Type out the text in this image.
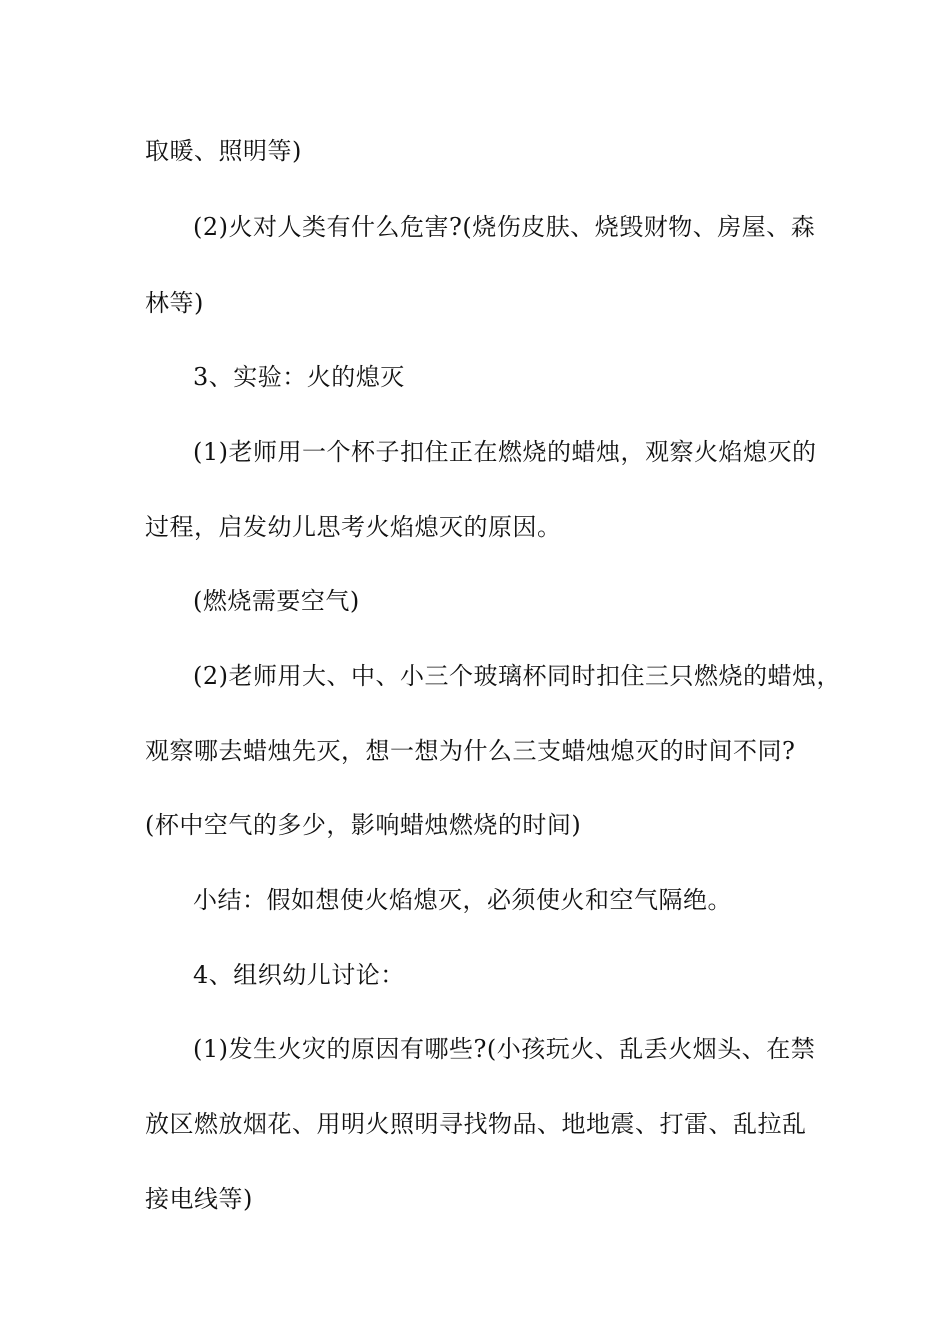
取暖、照明等)
(2)火对人类有什么危害?(烧伤皮肤、烧毁财物、房屋、森
林等)
3、实验：火的熄灭
(1)老师用一个杯子扣住正在燃烧的蜡烛，观察火焰熄灭的
过程，启发幼儿思考火焰熄灭的原因。
(燃烧需要空气)
(2)老师用大、中、小三个玻璃杯同时扣住三只燃烧的蜡烛，
观察哪去蜡烛先灭，想一想为什么三支蜡烛熄灭的时间不同?
(杯中空气的多少，影响蜡烛燃烧的时间)
小结：假如想使火焰熄灭，必须使火和空气隔绝。
4、组织幼儿讨论：
(1)发生火灾的原因有哪些?(小孩玩火、乱丢火烟头、在禁
放区燃放烟花、用明火照明寻找物品、地地震、打雷、乱拉乱
接电线等)
